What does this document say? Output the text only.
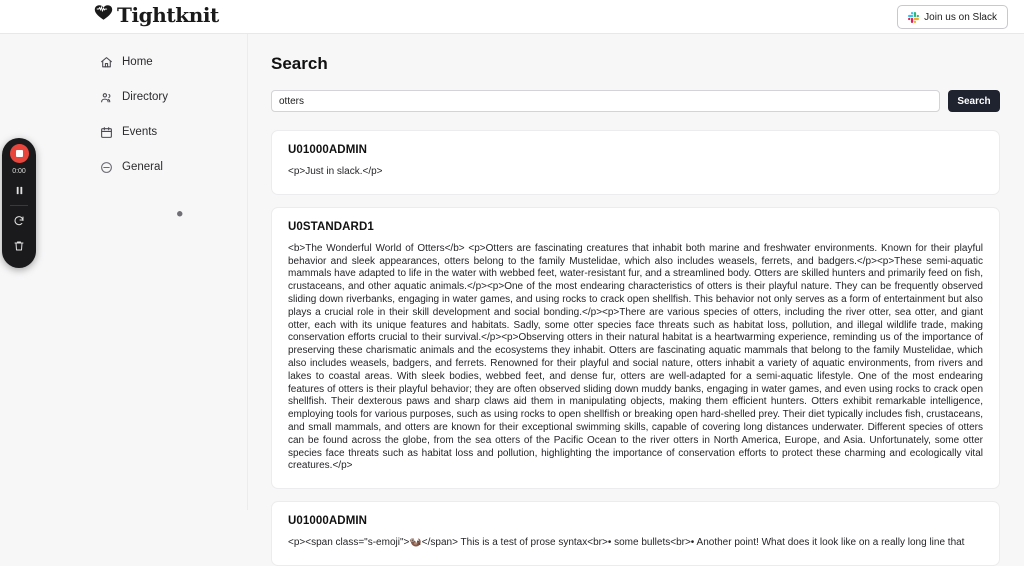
Tightknit	Join us on Slack
Home
Directory
Events
General
Search
otters
Search
U01000ADMIN
<p>Just in slack.</p>
U0STANDARD1
<b>The Wonderful World of Otters</b> <p>Otters are fascinating creatures that inhabit both marine and freshwater environments. Known for their playful behavior and sleek appearances, otters belong to the family Mustelidae, which also includes weasels, ferrets, and badgers.</p><p>These semi-aquatic mammals have adapted to life in the water with webbed feet, water-resistant fur, and a streamlined body. Otters are skilled hunters and primarily feed on fish, crustaceans, and other aquatic animals.</p><p>One of the most endearing characteristics of otters is their playful nature. They can be frequently observed sliding down riverbanks, engaging in water games, and using rocks to crack open shellfish. This behavior not only serves as a form of entertainment but also plays a crucial role in their skill development and social bonding.</p><p>There are various species of otters, including the river otter, sea otter, and giant otter, each with its unique features and habitats. Sadly, some otter species face threats such as habitat loss, pollution, and illegal wildlife trade, making conservation efforts crucial to their survival.</p><p>Observing otters in their natural habitat is a heartwarming experience, reminding us of the importance of preserving these charismatic animals and the ecosystems they inhabit. Otters are fascinating aquatic mammals that belong to the family Mustelidae, which also includes weasels, badgers, and ferrets. Renowned for their playful and social nature, otters inhabit a variety of aquatic environments, from rivers and lakes to coastal areas. With sleek bodies, webbed feet, and dense fur, otters are well-adapted for a semi-aquatic lifestyle. One of the most endearing features of otters is their playful behavior; they are often observed sliding down muddy banks, engaging in water games, and even using rocks to crack open shellfish. Their dexterous paws and sharp claws aid them in manipulating objects, making them efficient hunters. Otters exhibit remarkable intelligence, employing tools for various purposes, such as using rocks to open shellfish or breaking open hard-shelled prey. Their diet typically includes fish, crustaceans, and small mammals, and otters are known for their exceptional swimming skills, capable of covering long distances underwater. Different species of otters can be found across the globe, from the sea otters of the Pacific Ocean to the river otters in North America, Europe, and Asia. Unfortunately, some otter species face threats such as habitat loss and pollution, highlighting the importance of conservation efforts to protect these charming and ecologically vital creatures.</p>
U01000ADMIN
<p><span class="s-emoji">🦦</span> This is a test of prose syntax<br>• some bullets<br>• Another point! What does it look like on a really long line that
0:00
